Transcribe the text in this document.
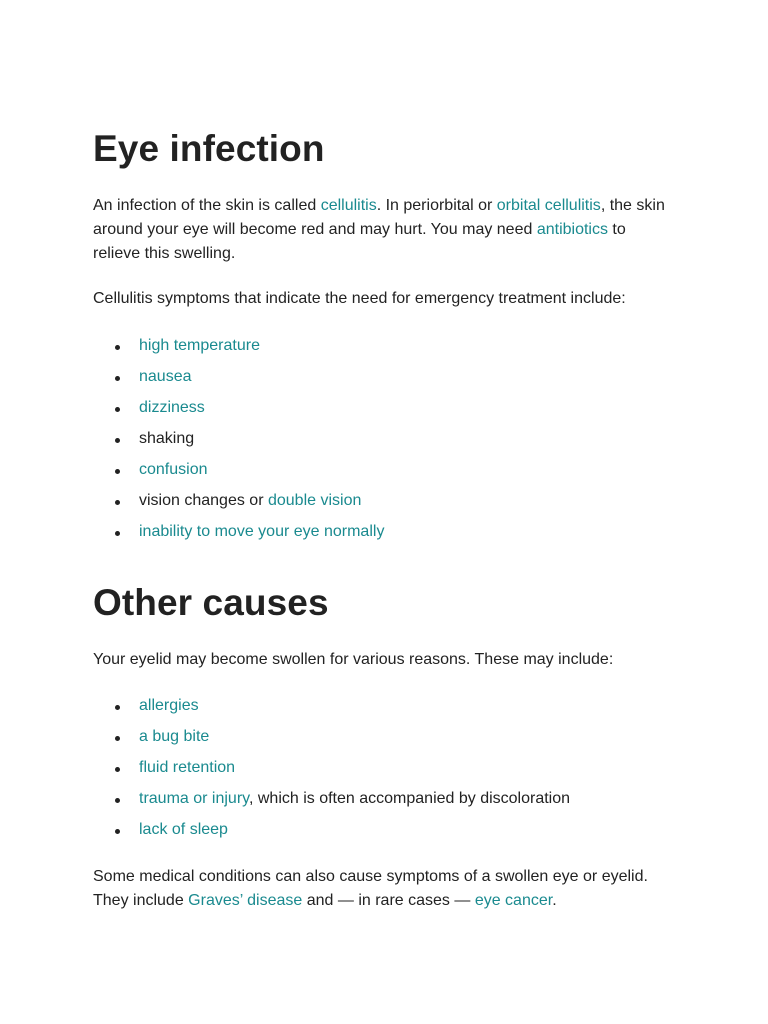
Eye infection

An infection of the skin is called cellulitis. In periorbital or orbital cellulitis, the skin around your eye will become red and may hurt. You may need antibiotics to relieve this swelling.

Cellulitis symptoms that indicate the need for emergency treatment include:

high temperature
nausea
dizziness
shaking
confusion
vision changes or double vision
inability to move your eye normally
Other causes

Your eyelid may become swollen for various reasons. These may include:

allergies
a bug bite
fluid retention
trauma or injury, which is often accompanied by discoloration
lack of sleep

Some medical conditions can also cause symptoms of a swollen eye or eyelid. They include Graves’ disease and — in rare cases — eye cancer.
